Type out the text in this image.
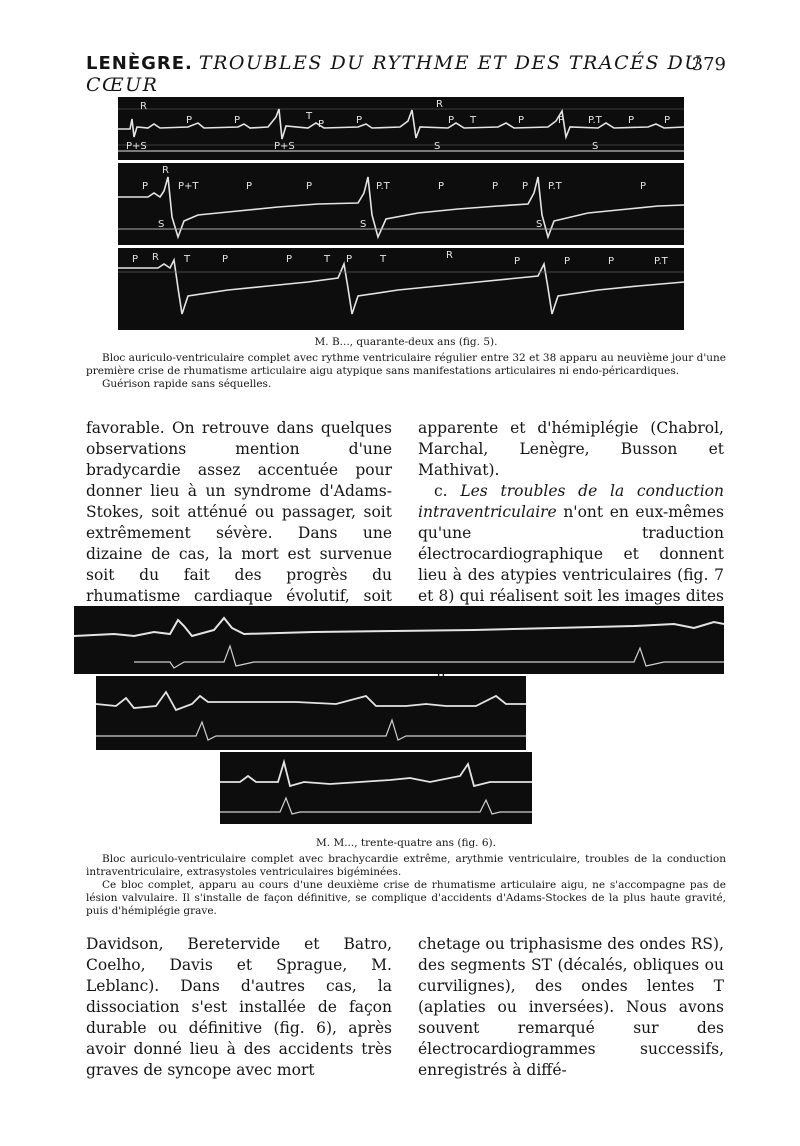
LENÈGRE. TROUBLES DU RYTHME ET DES TRACÉS DU CŒUR
379
R
P	P	T
P	P
R
P T	P	P P.T	P	P
P+S	P+S	S	S
R
P	P+T	P	P	P.T	P	P P P.T	P
S	S	S
R
P	T	P	P	T P	T	R
P	P	P	P.T
M. B..., quarante-deux ans (fig. 5).

Bloc auriculo-ventriculaire complet avec rythme ventriculaire régulier entre 32 et 38 apparu au neuvième jour d'une première crise de rhumatisme articulaire aigu atypique sans manifestations articulaires ni endo-péricardiques.

Guérison rapide sans séquelles.

favorable. On retrouve dans quelques observations mention d'une bradycardie assez accentuée pour donner lieu à un syndrome d'Adams-Stokes, soit atténué ou passager, soit extrêmement sévère. Dans une dizaine de cas, la mort est survenue soit du fait des progrès du rhumatisme cardiaque évolutif, soit

apparente et d'hémiplégie (Chabrol, Marchal, Lenègre, Busson et Mathivat).

c. Les troubles de la conduction intraventriculaire n'ont en eux-mêmes qu'une traduction électrocardiographique et donnent lieu à des atypies ventriculaires (fig. 7 et 8) qui réalisent soit les images dites

M. M..., trente-quatre ans (fig. 6).

Bloc auriculo-ventriculaire complet avec brachycardie extrême, arythmie ventriculaire, troubles de la conduction intraventriculaire, extrasystoles ventriculaires bigéminées.

Ce bloc complet, apparu au cours d'une deuxième crise de rhumatisme articulaire aigu, ne s'accompagne pas de lésion valvulaire. Il s'installe de façon définitive, se complique d'accidents d'Adams-Stockes de la plus haute gravité, puis d'hémiplégie grave.

Davidson, Beretervide et Batro, Coelho, Davis et Sprague, M. Leblanc). Dans d'autres cas, la dissociation s'est installée de façon durable ou définitive (fig. 6), après avoir donné lieu à des accidents très graves de syncope avec mort

chetage ou triphasisme des ondes RS), des segments ST (décalés, obliques ou curvilignes), des ondes lentes T (aplaties ou inversées). Nous avons souvent remarqué sur des électrocardiogrammes successifs, enregistrés à diffé-
